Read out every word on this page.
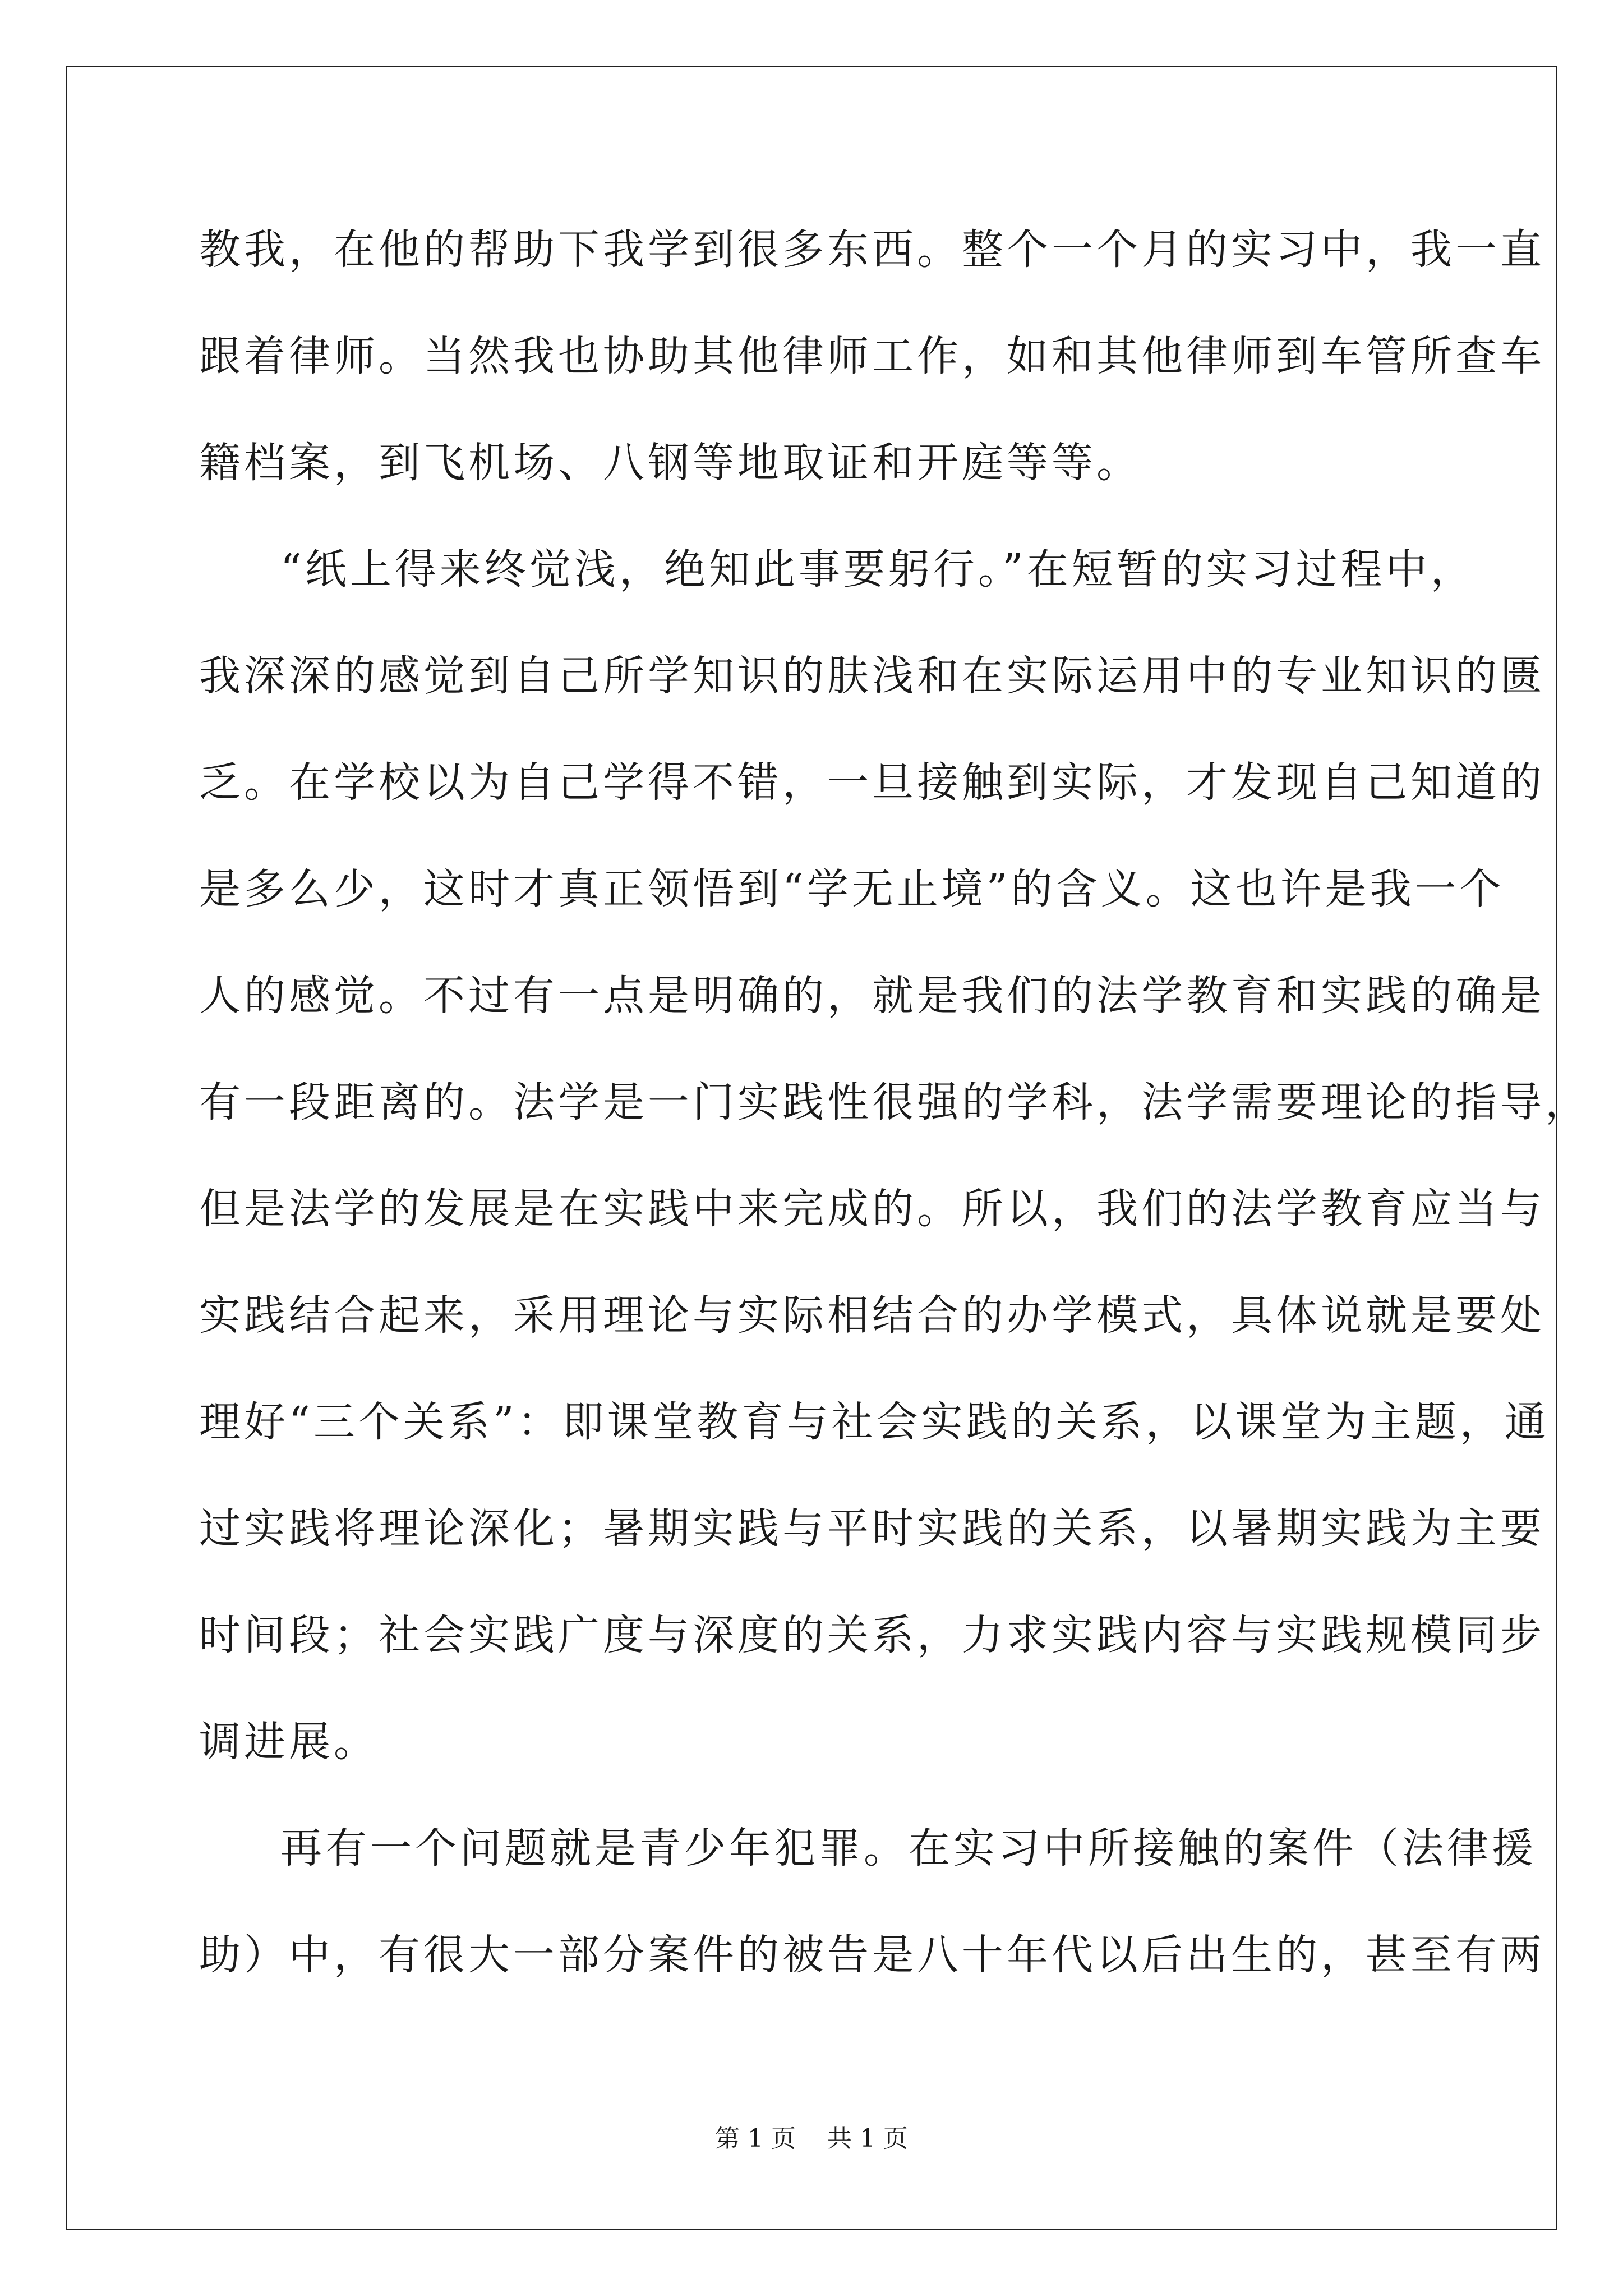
教我，在他的帮助下我学到很多东西。整个一个月的实习中，我一直
跟着律师。当然我也协助其他律师工作，如和其他律师到车管所查车
籍档案，到飞机场、八钢等地取证和开庭等等。
“纸上得来终觉浅，绝知此事要躬行。”在短暂的实习过程中，
我深深的感觉到自己所学知识的肤浅和在实际运用中的专业知识的匮
乏。在学校以为自己学得不错，一旦接触到实际，才发现自己知道的
是多么少，这时才真正领悟到“学无止境”的含义。这也许是我一个
人的感觉。不过有一点是明确的，就是我们的法学教育和实践的确是
有一段距离的。法学是一门实践性很强的学科，法学需要理论的指导，
但是法学的发展是在实践中来完成的。所以，我们的法学教育应当与
实践结合起来，采用理论与实际相结合的办学模式，具体说就是要处
理好“三个关系”：即课堂教育与社会实践的关系，以课堂为主题，通
过实践将理论深化；暑期实践与平时实践的关系，以暑期实践为主要
时间段；社会实践广度与深度的关系，力求实践内容与实践规模同步
调进展。
再有一个问题就是青少年犯罪。在实习中所接触的案件（法律援
助）中，有很大一部分案件的被告是八十年代以后出生的，甚至有两
第 1 页    共 1 页
